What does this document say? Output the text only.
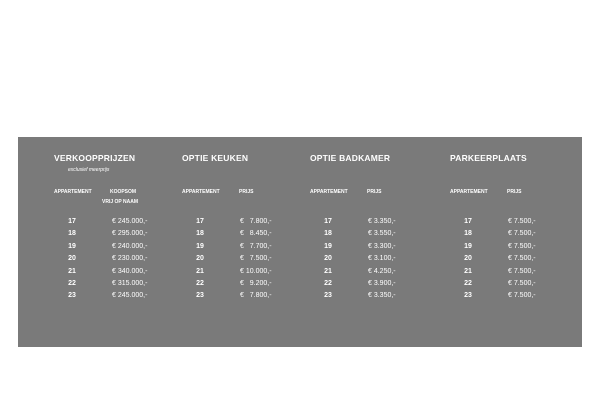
VERKOOPPRIJZEN
exclusief meerprijs
APPARTEMENT	KOOPSOM
VRIJ OP NAAM
17	€ 245.000,-
18	€ 295.000,-
19	€ 240.000,-
20	€ 230.000,-
21	€ 340.000,-
22	€ 315.000,-
23	€ 245.000,-
OPTIE KEUKEN
APPARTEMENT	PRIJS
17	€   7.800,-
18	€   8.450,-
19	€   7.700,-
20	€   7.500,-
21	€ 10.000,-
22	€   9.200,-
23	€   7.800,-
OPTIE BADKAMER
APPARTEMENT	PRIJS
17	€ 3.350,-
18	€ 3.550,-
19	€ 3.300,-
20	€ 3.100,-
21	€ 4.250,-
22	€ 3.900,-
23	€ 3.350,-
PARKEERPLAATS
APPARTEMENT	PRIJS
17	€ 7.500,-
18	€ 7.500,-
19	€ 7.500,-
20	€ 7.500,-
21	€ 7.500,-
22	€ 7.500,-
23	€ 7.500,-
